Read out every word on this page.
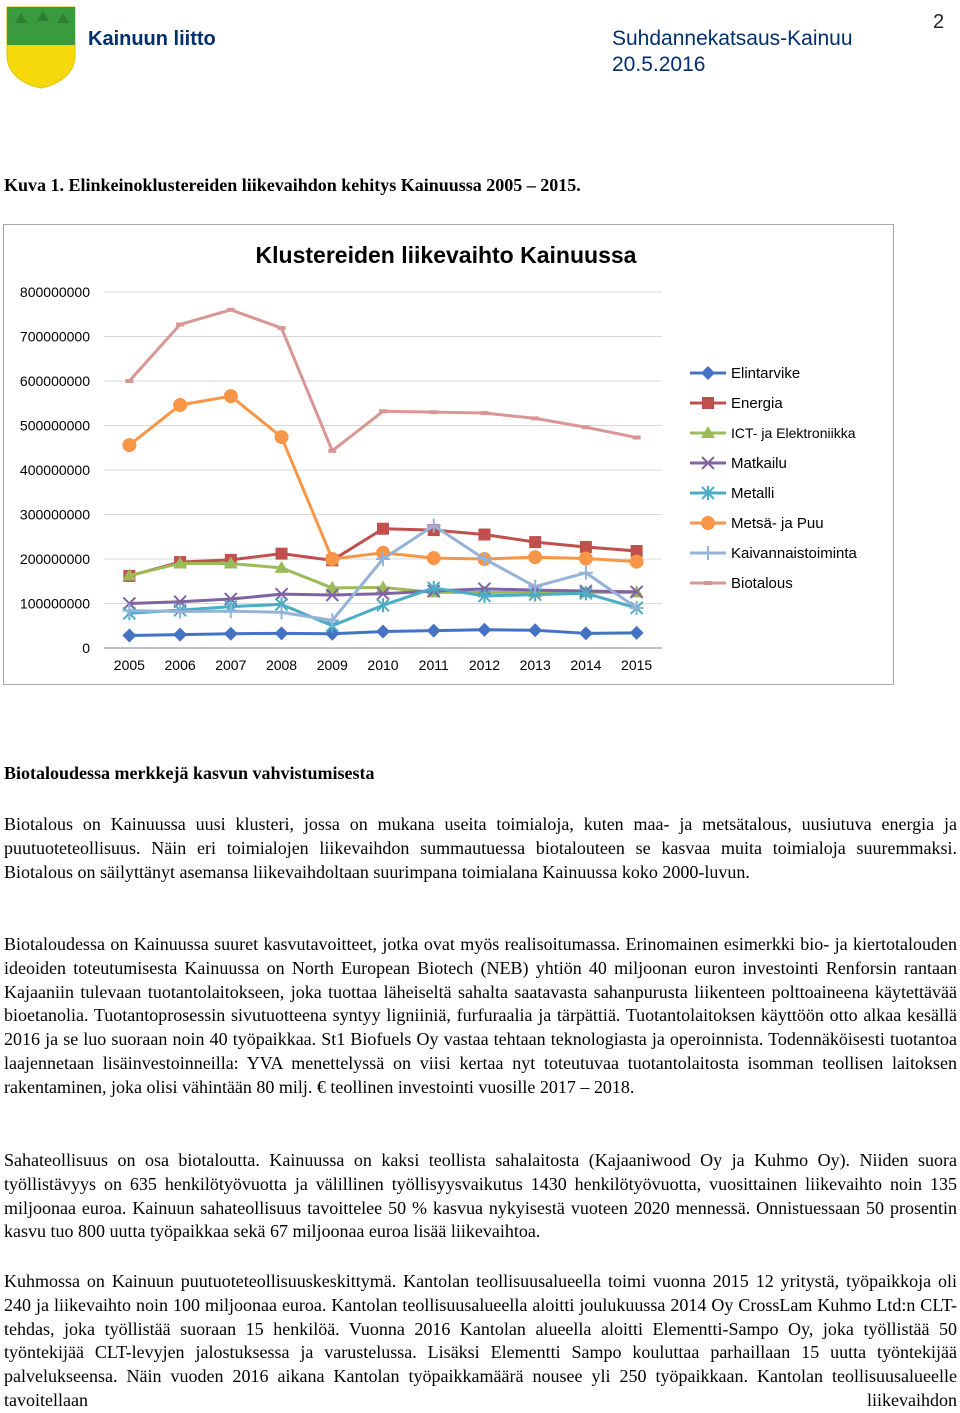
Kainuun liitto	Suhdannekatsaus-Kainuu
20.5.2016
2
Kuva 1. Elinkeinoklustereiden liikevaihdon kehitys Kainuussa 2005 – 2015.
0
100000000
200000000
300000000
400000000
500000000
600000000
700000000
800000000
2005 2006 2007 2008 2009 2010 2011 2012 2013 2014 2015
Elintarvike
Energia
ICT- ja Elektroniikka
Matkailu
Metalli
Metsä- ja Puu
Kaivannaistoiminta
Biotalous
Klustereiden liikevaihto Kainuussa
Biotaloudessa merkkejä kasvun vahvistumisesta
Biotalous on Kainuussa uusi klusteri, jossa on mukana useita toimialoja, kuten maa- ja metsätalous, uusiutuva energia ja puutuoteteollisuus. Näin eri toimialojen liikevaihdon summautuessa biotalouteen se kasvaa muita toimialoja suuremmaksi. Biotalous on säilyttänyt asemansa liikevaihdoltaan suurimpana toimialana Kainuussa koko 2000-luvun.
Biotaloudessa on Kainuussa suuret kasvutavoitteet, jotka ovat myös realisoitumassa. Erinomainen esimerkki bio- ja kiertotalouden ideoiden toteutumisesta Kainuussa on North European Biotech (NEB) yhtiön 40 miljoonan euron investointi Renforsin rantaan Kajaaniin tulevaan tuotantolaitokseen, joka tuottaa läheiseltä sahalta saatavasta sahanpurusta liikenteen polttoaineena käytettävää bioetanolia. Tuotantoprosessin sivutuotteena syntyy ligniiniä, furfuraalia ja tärpättiä. Tuotantolaitoksen käyttöön otto alkaa kesällä 2016 ja se luo suoraan noin 40 työpaikkaa. St1 Biofuels Oy vastaa tehtaan teknologiasta ja operoinnista. Todennäköisesti tuotantoa laajennetaan lisäinvestoinneilla: YVA menettelyssä on viisi kertaa nyt toteutuvaa tuotantolaitosta isomman teollisen laitoksen rakentaminen, joka olisi vähintään 80 milj. € teollinen investointi vuosille 2017 – 2018.
Sahateollisuus on osa biotaloutta. Kainuussa on kaksi teollista sahalaitosta (Kajaaniwood Oy ja Kuhmo Oy). Niiden suora työllistävyys on 635 henkilötyövuotta ja välillinen työllisyysvaikutus 1430 henkilötyövuotta, vuosittainen liikevaihto noin 135 miljoonaa euroa. Kainuun sahateollisuus tavoittelee 50 % kasvua nykyisestä vuoteen 2020 mennessä. Onnistuessaan 50 prosentin kasvu tuo 800 uutta työpaikkaa sekä 67 miljoonaa euroa lisää liikevaihtoa.
Kuhmossa on Kainuun puutuoteteollisuuskeskittymä. Kantolan teollisuusalueella toimi vuonna 2015 12 yritystä, työpaikkoja oli 240 ja liikevaihto noin 100 miljoonaa euroa. Kantolan teollisuusalueella aloitti joulukuussa 2014 Oy CrossLam Kuhmo Ltd:n CLT-tehdas, joka työllistää suoraan 15 henkilöä. Vuonna 2016 Kantolan alueella aloitti Elementti-Sampo Oy, joka työllistää 50 työntekijää CLT-levyjen jalostuksessa ja varustelussa. Lisäksi Elementti Sampo kouluttaa parhaillaan 15 uutta työntekijää palvelukseensa. Näin vuoden 2016 aikana Kantolan työpaikkamäärä nousee yli 250 työpaikkaan. Kantolan teollisuusalueelle tavoitellaan liikevaihdon
